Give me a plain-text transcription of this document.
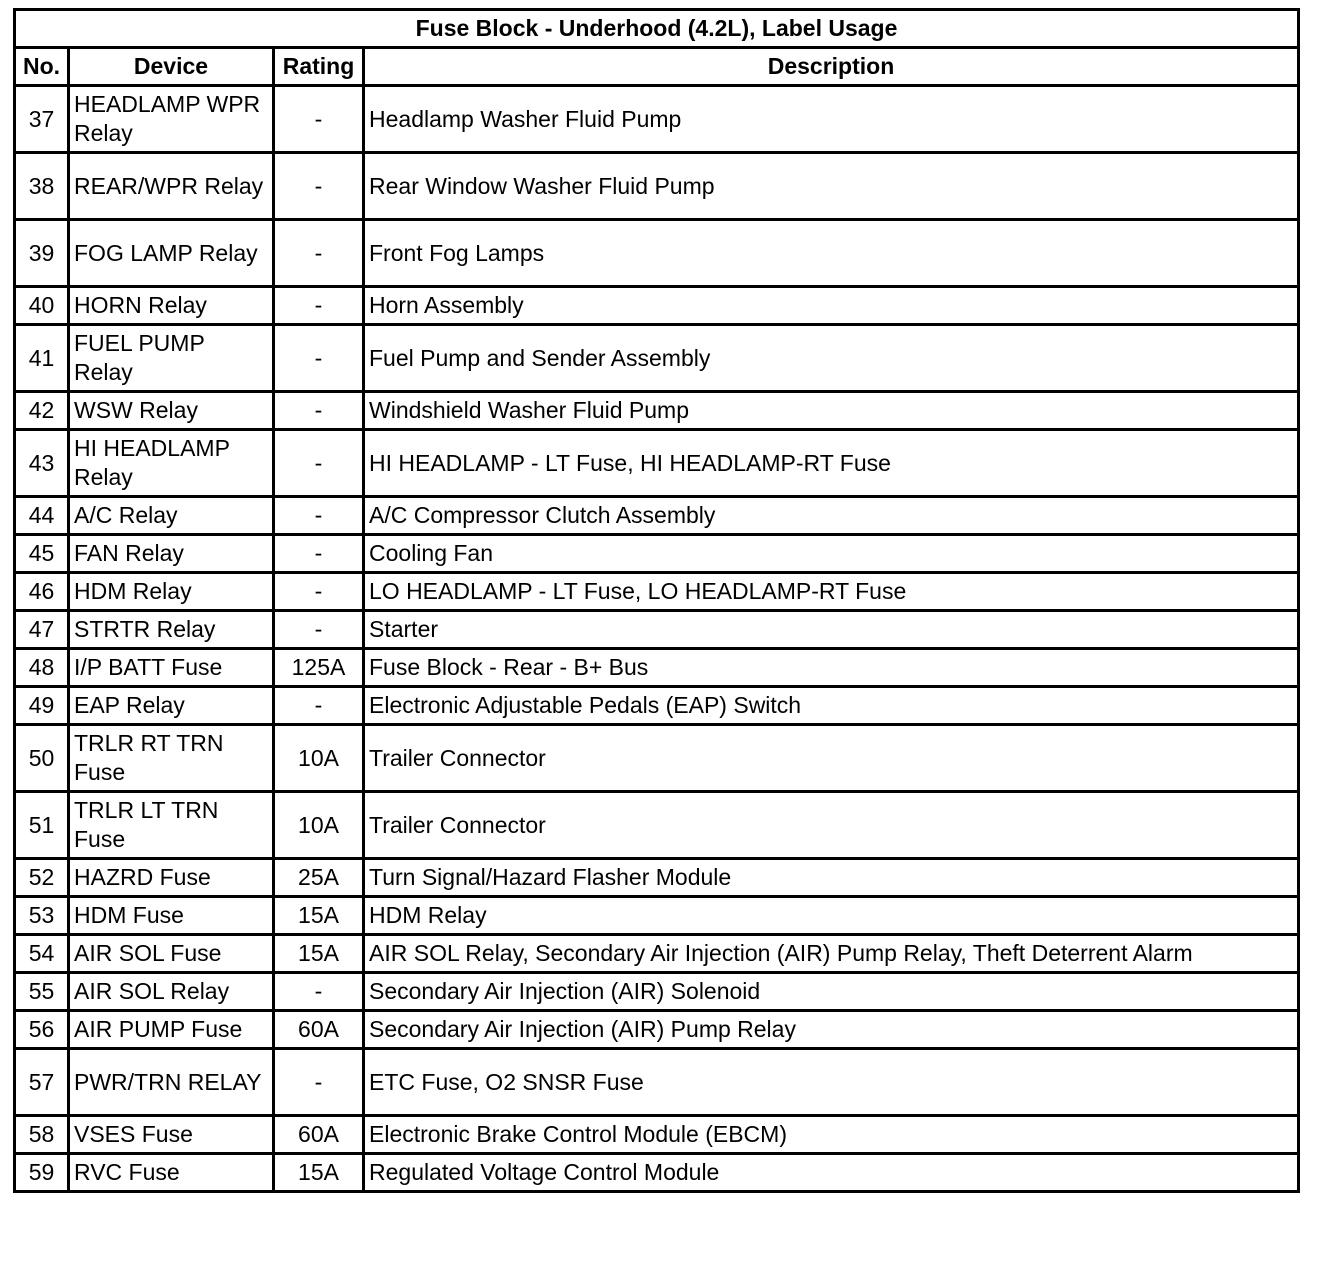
Fuse Block - Underhood (4.2L), Label Usage			
No.	Device	Rating	Description
37	HEADLAMP WPR Relay	-	Headlamp Washer Fluid Pump
38	REAR/WPR Relay	-	Rear Window Washer Fluid Pump
39	FOG LAMP Relay	-	Front Fog Lamps
40	HORN Relay	-	Horn Assembly
41	FUEL PUMP Relay	-	Fuel Pump and Sender Assembly
42	WSW Relay	-	Windshield Washer Fluid Pump
43	HI HEADLAMP Relay	-	HI HEADLAMP - LT Fuse, HI HEADLAMP-RT Fuse
44	A/C Relay	-	A/C Compressor Clutch Assembly
45	FAN Relay	-	Cooling Fan
46	HDM Relay	-	LO HEADLAMP - LT Fuse, LO HEADLAMP-RT Fuse
47	STRTR Relay	-	Starter
48	I/P BATT Fuse	125A	Fuse Block - Rear - B+ Bus
49	EAP Relay	-	Electronic Adjustable Pedals (EAP) Switch
50	TRLR RT TRN Fuse	10A	Trailer Connector
51	TRLR LT TRN Fuse	10A	Trailer Connector
52	HAZRD Fuse	25A	Turn Signal/Hazard Flasher Module
53	HDM Fuse	15A	HDM Relay
54	AIR SOL Fuse	15A	AIR SOL Relay, Secondary Air Injection (AIR) Pump Relay, Theft Deterrent Alarm
55	AIR SOL Relay	-	Secondary Air Injection (AIR) Solenoid
56	AIR PUMP Fuse	60A	Secondary Air Injection (AIR) Pump Relay
57	PWR/TRN RELAY	-	ETC Fuse, O2 SNSR Fuse
58	VSES Fuse	60A	Electronic Brake Control Module (EBCM)
59	RVC Fuse	15A	Regulated Voltage Control Module
